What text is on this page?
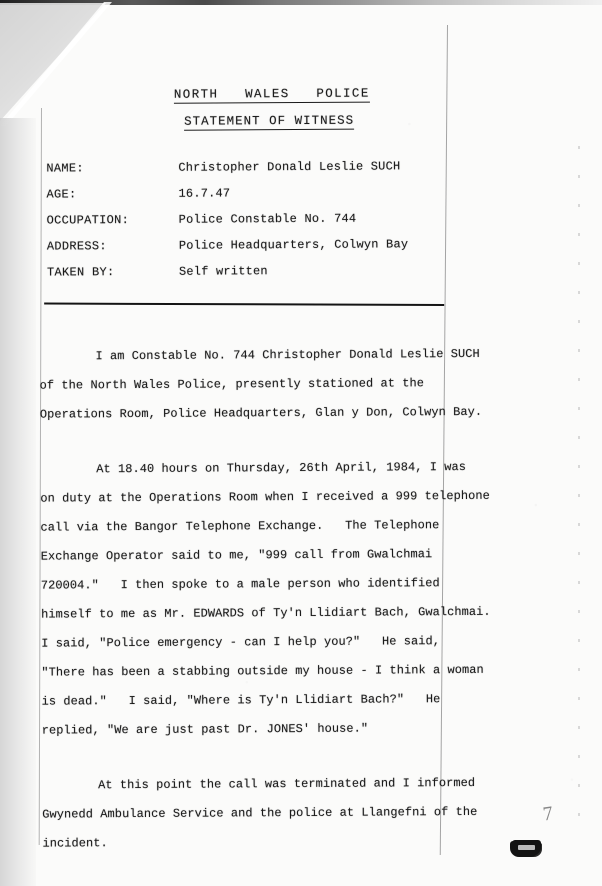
NORTH   WALES   POLICE
STATEMENT OF WITNESS
NAME:	Christopher Donald Leslie SUCH
AGE:	16.7.47
OCCUPATION:	Police Constable No. 744
ADDRESS:	Police Headquarters, Colwyn Bay
TAKEN BY:	Self written
I am Constable No. 744 Christopher Donald Leslie SUCH
of the North Wales Police, presently stationed at the
Operations Room, Police Headquarters, Glan y Don, Colwyn Bay.
At 18.40 hours on Thursday, 26th April, 1984, I was
on duty at the Operations Room when I received a 999 telephone
call via the Bangor Telephone Exchange.   The Telephone
Exchange Operator said to me, "999 call from Gwalchmai
720004."   I then spoke to a male person who identified
himself to me as Mr. EDWARDS of Ty'n Llidiart Bach, Gwalchmai.
I said, "Police emergency - can I help you?"   He said,
"There has been a stabbing outside my house - I think a woman
is dead."   I said, "Where is Ty'n Llidiart Bach?"   He
replied, "We are just past Dr. JONES' house."
At this point the call was terminated and I informed
Gwynedd Ambulance Service and the police at Llangefni of the
incident.
7
